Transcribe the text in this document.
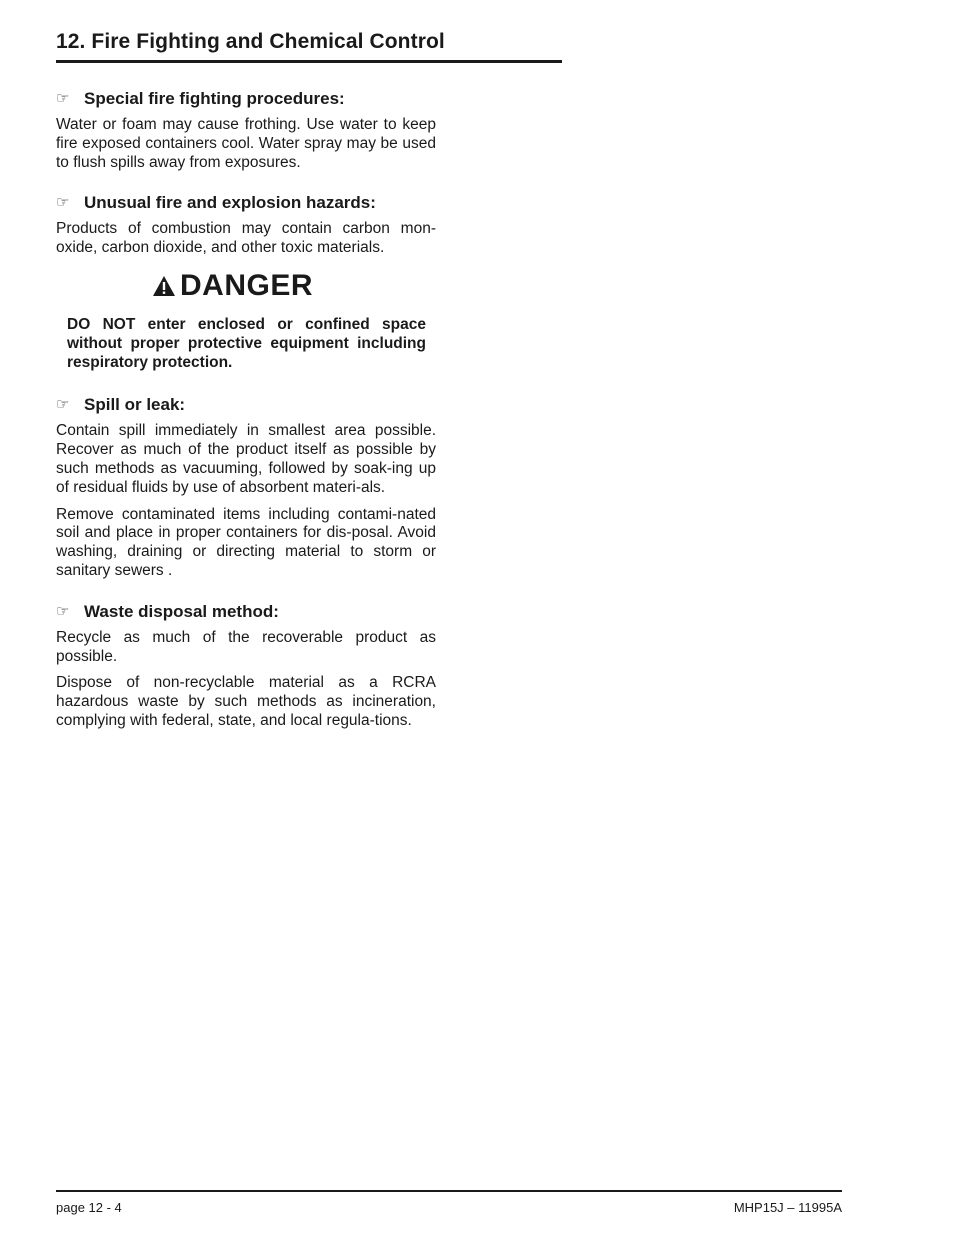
12. Fire Fighting and Chemical Control
☞ Special fire fighting procedures:

Water or foam may cause frothing. Use water to keep fire exposed containers cool. Water spray may be used to flush spills away from exposures.

☞ Unusual fire and explosion hazards:

Products of combustion may contain carbon mon-oxide, carbon dioxide, and other toxic materials.

DANGER

DO NOT enter enclosed or confined space without proper protective equipment including respiratory protection.

☞ Spill or leak:

Contain spill immediately in smallest area possible. Recover as much of the product itself as possible by such methods as vacuuming, followed by soak-ing up of residual fluids by use of absorbent materi-als.

Remove contaminated items including contami-nated soil and place in proper containers for dis-posal. Avoid washing, draining or directing material to storm or sanitary sewers .

☞ Waste disposal method:

Recycle as much of the recoverable product as possible.

Dispose of non-recyclable material as a RCRA hazardous waste by such methods as incineration, complying with federal, state, and local regula-tions.

page 12 - 4	MHP15J – 11995A
